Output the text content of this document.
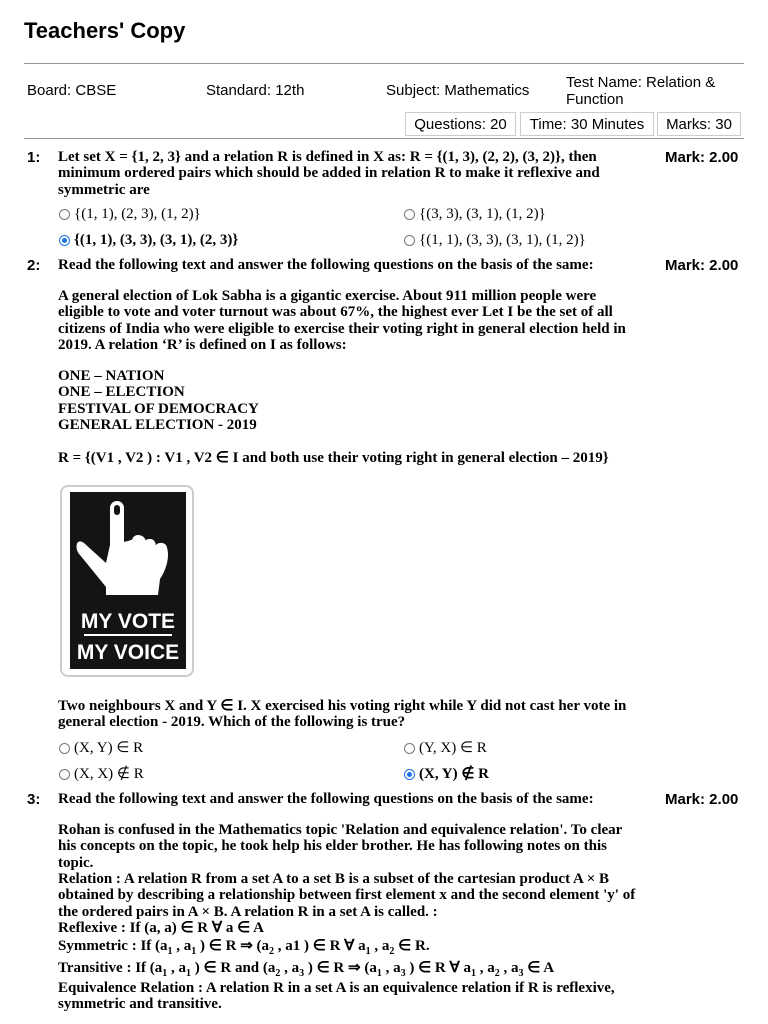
Teachers' Copy
Board: CBSE	Standard: 12th	Subject: Mathematics Test Name: Relation & Function
Questions: 20	Time: 30 Minutes	Marks: 30
1:	Mark: 2.00
Let set X = {1, 2, 3} and a relation R is defined in X as: R = {(1, 3), (2, 2), (3, 2)}, then minimum ordered pairs which should be added in relation R to make it reflexive and symmetric are
{(1, 1), (2, 3), (1, 2)}	{(3, 3), (3, 1), (1, 2)}
{(1, 1), (3, 3), (3, 1), (2, 3)}	{(1, 1), (3, 3), (3, 1), (1, 2)}
2:	Mark: 2.00
Read the following text and answer the following questions on the basis of the same:
A general election of Lok Sabha is a gigantic exercise. About 911 million people were eligible to vote and voter turnout was about 67%, the highest ever Let I be the set of all citizens of India who were eligible to exercise their voting right in general election held in 2019. A relation ‘R’ is defined on I as follows:
ONE – NATION
ONE – ELECTION
FESTIVAL OF DEMOCRACY
GENERAL ELECTION - 2019
R = {(V1 , V2 ) : V1 , V2 ∈ I and both use their voting right in general election – 2019}
MY VOTE
MY VOICE
Two neighbours X and Y ∈ I. X exercised his voting right while Y did not cast her vote in general election - 2019. Which of the following is true?
(X, Y) ∈ R	(Y, X) ∈ R
(X, X) ∉ R	(X, Y) ∉ R
3:	Mark: 2.00
Read the following text and answer the following questions on the basis of the same:
Rohan is confused in the Mathematics topic 'Relation and equivalence relation'. To clear his concepts on the topic, he took help his elder brother. He has following notes on this topic.
Relation : A relation R from a set A to a set B is a subset of the cartesian product A × B obtained by describing a relationship between first element x and the second element 'y' of the ordered pairs in A × B. A relation R in a set A is called. :
Reflexive : If (a, a) ∈ R ∀ a ∈ A
Symmetric : If ($a_1$ , $a_1$ ) ∈ R ⇒ ($a_2$ , a1 ) ∈ R ∀ $a_1$ , $a_2$ ∈ R.
Transitive : If ($a_1$ , $a_1$ ) ∈ R and ($a_2$ , $a_3$ ) ∈ R ⇒ ($a_1$ , $a_3$ ) ∈ R ∀ $a_1$ , $a_2$ , $a_3$ ∈ A
Equivalence Relation : A relation R in a set A is an equivalence relation if R is reflexive, symmetric and transitive.
